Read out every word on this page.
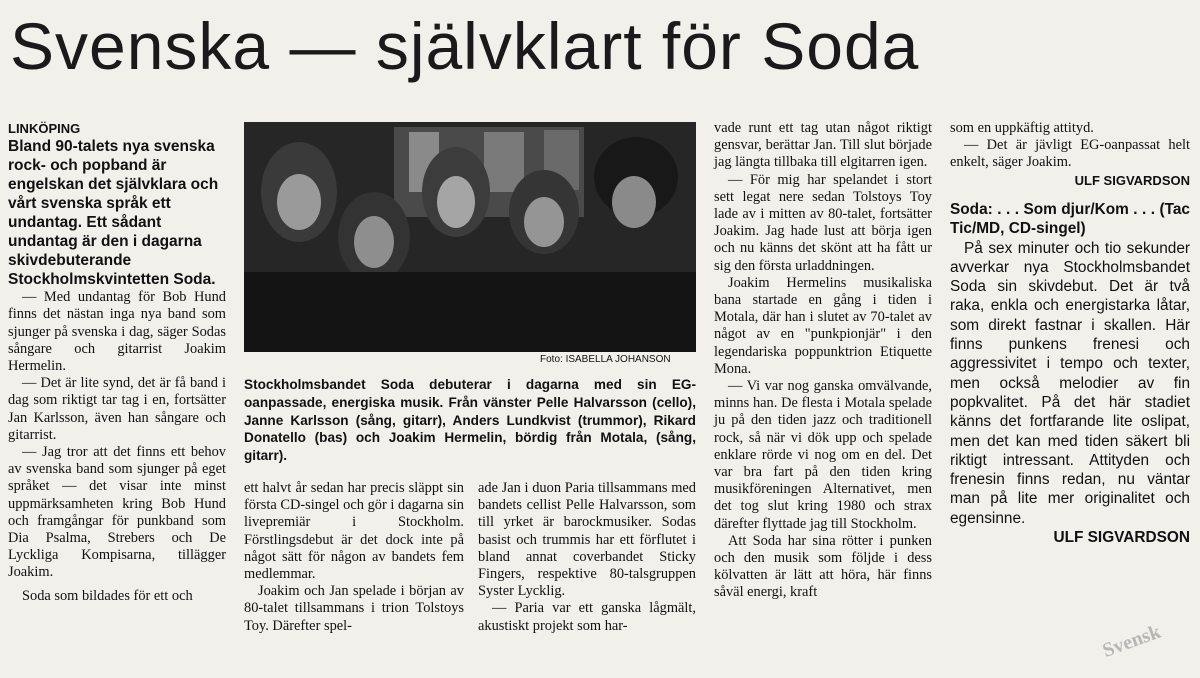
Svenska — självklart för Soda

LINKÖPING

Bland 90-talets nya svenska rock- och popband är engelskan det självklara och vårt svenska språk ett undantag. Ett sådant undantag är den i dagarna skivdebuterande Stockholmskvintetten Soda.

— Med undantag för Bob Hund finns det nästan inga nya band som sjunger på svenska i dag, säger Sodas sångare och gitarrist Joakim Hermelin.

— Det är lite synd, det är få band i dag som riktigt tar tag i en, fortsätter Jan Karlsson, även han sångare och gitarrist.

— Jag tror att det finns ett behov av svenska band som sjunger på eget språket — det visar inte minst uppmärksamheten kring Bob Hund och framgångar för punkband som Dia Psalma, Strebers och De Lyckliga Kompisarna, tillägger Joakim.

Soda som bildades för ett och

Foto: ISABELLA JOHANSON
Stockholmsbandet Soda debuterar i dagarna med sin EG-oanpassade, energiska musik. Från vänster Pelle Halvarsson (cello), Janne Karlsson (sång, gitarr), Anders Lundkvist (trummor), Rikard Donatello (bas) och Joakim Hermelin, bördig från Motala, (sång, gitarr).

ett halvt år sedan har precis släppt sin första CD-singel och gör i dagarna sin livepremiär i Stockholm. Förstlingsdebut är det dock inte på något sätt för någon av bandets fem medlemmar.

Joakim och Jan spelade i början av 80-talet tillsammans i trion Tolstoys Toy. Därefter spel-

ade Jan i duon Paria tillsammans med bandets cellist Pelle Halvarsson, som till yrket är barockmusiker. Sodas basist och trummis har ett förflutet i bland annat coverbandet Sticky Fingers, respektive 80-talsgruppen Syster Lycklig.

— Paria var ett ganska lågmält, akustiskt projekt som har-

vade runt ett tag utan något riktigt gensvar, berättar Jan. Till slut började jag längta tillbaka till elgitarren igen.

— För mig har spelandet i stort sett legat nere sedan Tolstoys Toy lade av i mitten av 80-talet, fortsätter Joakim. Jag hade lust att börja igen och nu känns det skönt att ha fått ur sig den första urladdningen.

Joakim Hermelins musikaliska bana startade en gång i tiden i Motala, där han i slutet av 70-talet av något av en "punkpionjär" i den legendariska poppunktrion Etiquette Mona.

— Vi var nog ganska omvälvande, minns han. De flesta i Motala spelade ju på den tiden jazz och traditionell rock, så när vi dök upp och spelade enklare rörde vi nog om en del. Det var bra fart på den tiden kring musikföreningen Alternativet, men det tog slut kring 1980 och strax därefter flyttade jag till Stockholm.

Att Soda har sina rötter i punken och den musik som följde i dess kölvatten är lätt att höra, här finns såväl energi, kraft

som en uppkäftig attityd.

— Det är jävligt EG-oanpassat helt enkelt, säger Joakim.

ULF SIGVARDSON

Soda: . . . Som djur/Kom . . . (Tac Tic/MD, CD-singel)

På sex minuter och tio sekunder avverkar nya Stockholmsbandet Soda sin skivdebut. Det är två raka, enkla och energistarka låtar, som direkt fastnar i skallen. Här finns punkens frenesi och aggressivitet i tempo och texter, men också melodier av fin popkvalitet. På det här stadiet känns det fortfarande lite oslipat, men det kan med tiden säkert bli riktigt intressant. Attityden och frenesin finns redan, nu väntar man på lite mer originalitet och egensinne.

ULF SIGVARDSON

Svensk
